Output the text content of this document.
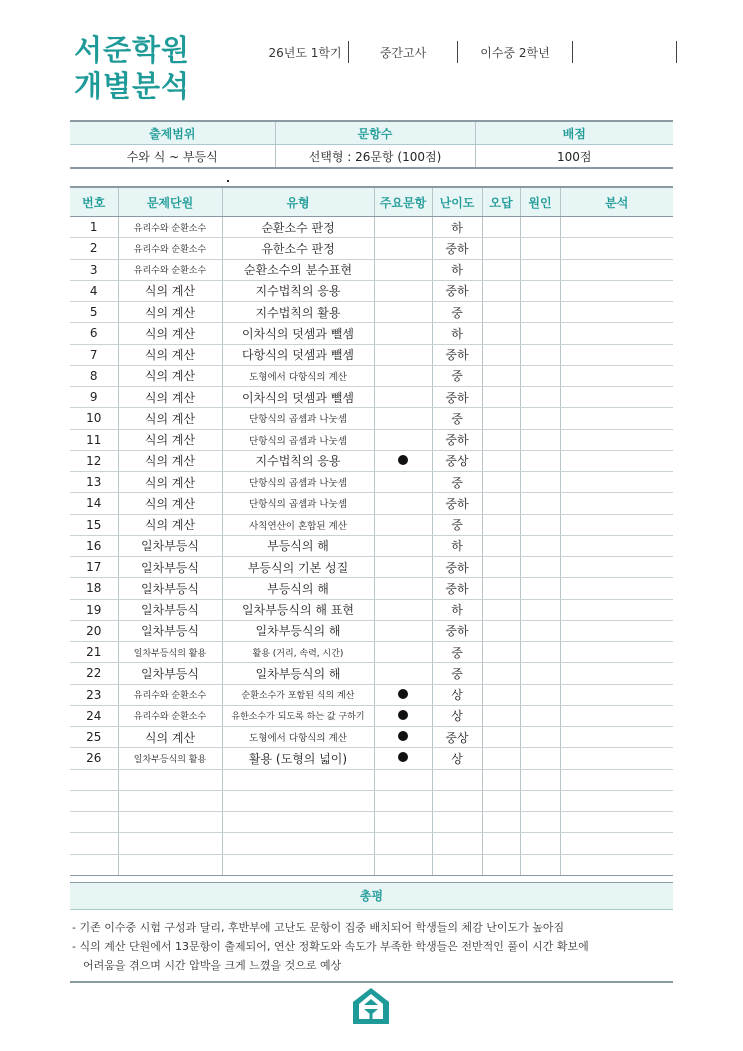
서준학원
개별분석
26년도 1학기	중간고사	이수중 2학년
출제범위	문항수	배점
수와 식 ~ 부등식	선택형 : 26문항 (100점)	100점
번호	문제단원	유형	주요문항	난이도	오답	원인	분석
1	유리수와 순환소수	순환소수 판정		하			
2	유리수와 순환소수	유한소수 판정		중하			
3	유리수와 순환소수	순환소수의 분수표현		하			
4	식의 계산	지수법칙의 응용		중하			
5	식의 계산	지수법칙의 활용		중			
6	식의 계산	이차식의 덧셈과 뺄셈		하			
7	식의 계산	다항식의 덧셈과 뺄셈		중하			
8	식의 계산	도형에서 다항식의 계산		중			
9	식의 계산	이차식의 덧셈과 뺄셈		중하			
10	식의 계산	단항식의 곱셈과 나눗셈		중			
11	식의 계산	단항식의 곱셈과 나눗셈		중하			
12	식의 계산	지수법칙의 응용		중상			
13	식의 계산	단항식의 곱셈과 나눗셈		중			
14	식의 계산	단항식의 곱셈과 나눗셈		중하			
15	식의 계산	사칙연산이 혼합된 계산		중			
16	일차부등식	부등식의 해		하			
17	일차부등식	부등식의 기본 성질		중하			
18	일차부등식	부등식의 해		중하			
19	일차부등식	일차부등식의 해 표현		하			
20	일차부등식	일차부등식의 해		중하			
21	일차부등식의 활용	활용 (거리, 속력, 시간)		중			
22	일차부등식	일차부등식의 해		중			
23	유리수와 순환소수	순환소수가 포함된 식의 계산		상			
24	유리수와 순환소수	유한소수가 되도록 하는 값 구하기		상			
25	식의 계산	도형에서 다항식의 계산		중상			
26	일차부등식의 활용	활용 (도형의 넓이)		상			

총평

- 기존 이수중 시험 구성과 달리, 후반부에 고난도 문항이 집중 배치되어 학생들의 체감 난이도가 높아짐

- 식의 계산 단원에서 13문항이 출제되어, 연산 정확도와 속도가 부족한 학생들은 전반적인 풀이 시간 확보에

어려움을 겪으며 시간 압박을 크게 느꼈을 것으로 예상
